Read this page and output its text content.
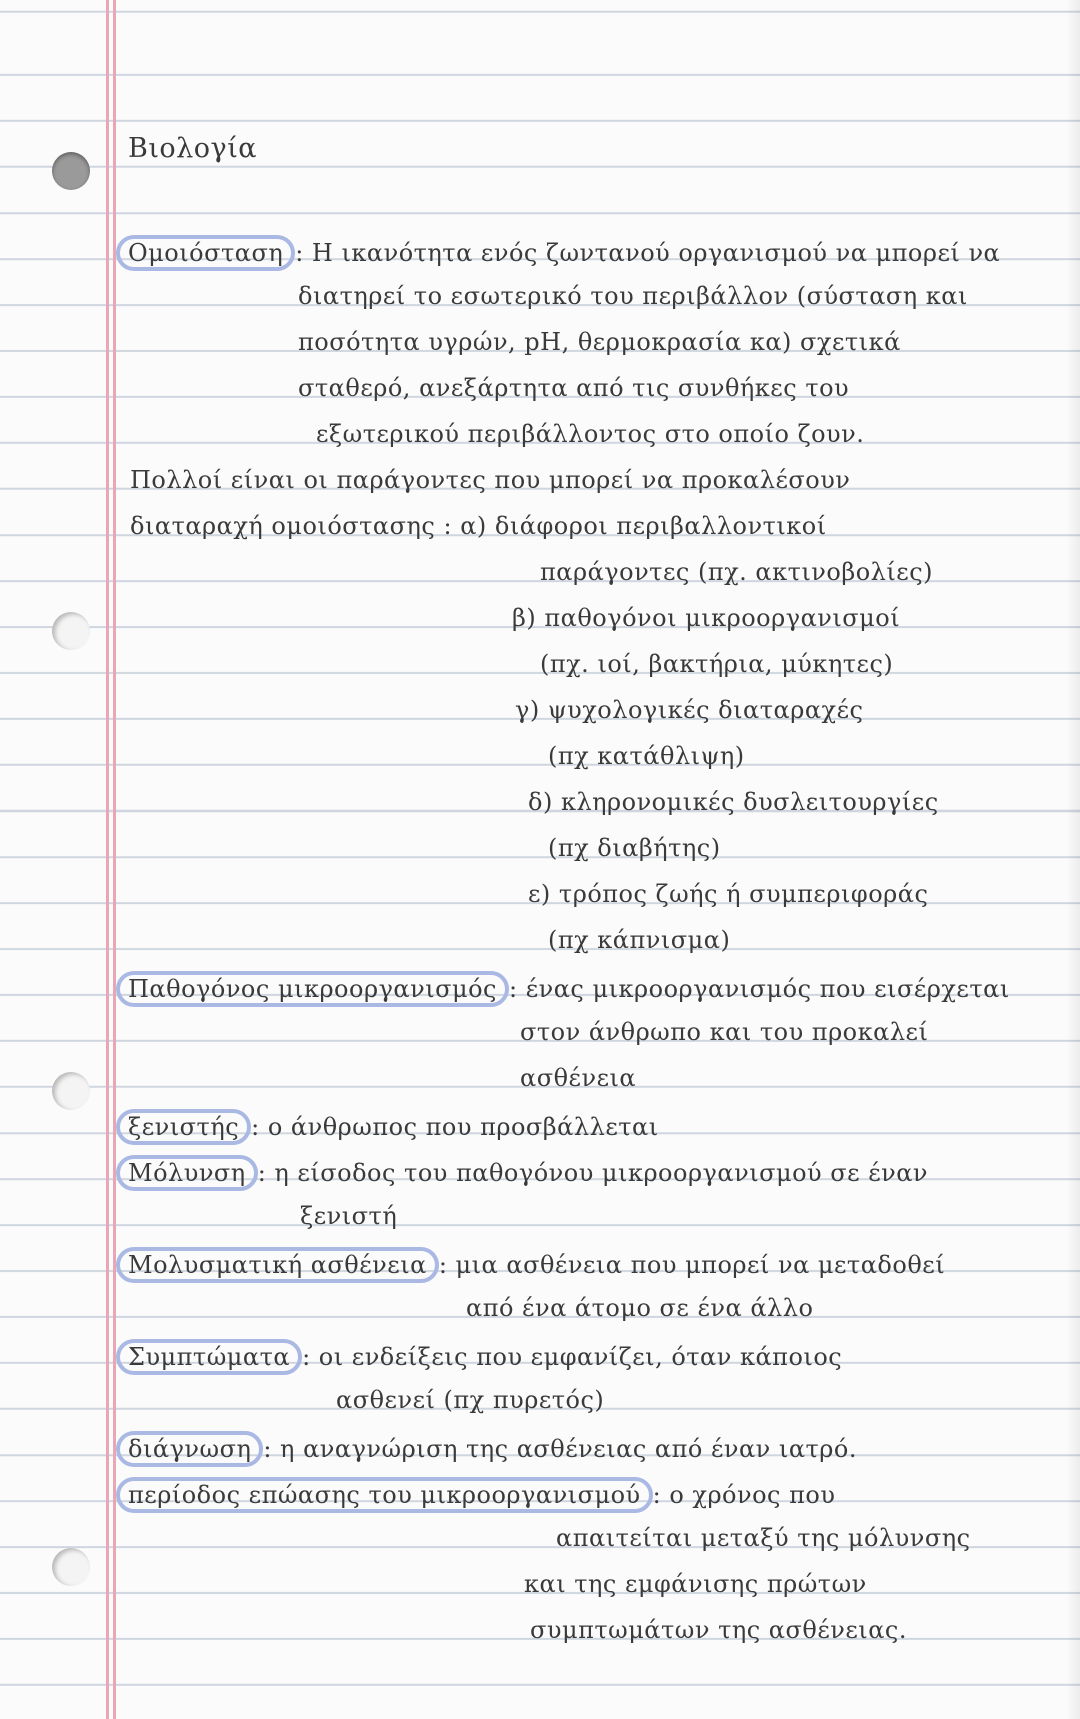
Βιολογία
Ομοιόσταση : Η ικανότητα ενός ζωντανού οργανισμού να μπορεί να
διατηρεί το εσωτερικό του περιβάλλον (σύσταση και
ποσότητα υγρών, pH, θερμοκρασία κα) σχετικά
σταθερό, ανεξάρτητα από τις συνθήκες του
εξωτερικού περιβάλλοντος στο οποίο ζουν.
Πολλοί είναι οι παράγοντες που μπορεί να προκαλέσουν
διαταραχή ομοιόστασης : α) διάφοροι περιβαλλοντικοί
παράγοντες (πχ. ακτινοβολίες)
β) παθογόνοι μικροοργανισμοί
(πχ. ιοί, βακτήρια, μύκητες)
γ) ψυχολογικές διαταραχές
(πχ κατάθλιψη)
δ) κληρονομικές δυσλειτουργίες
(πχ διαβήτης)
ε) τρόπος ζωής ή συμπεριφοράς
(πχ κάπνισμα)
Παθογόνος μικροοργανισμός : ένας μικροοργανισμός που εισέρχεται
στον άνθρωπο και του προκαλεί
ασθένεια
ξενιστής : ο άνθρωπος που προσβάλλεται
Μόλυνση : η είσοδος του παθογόνου μικροοργανισμού σε έναν
ξενιστή
Μολυσματική ασθένεια : μια ασθένεια που μπορεί να μεταδοθεί
από ένα άτομο σε ένα άλλο
Συμπτώματα : οι ενδείξεις που εμφανίζει, όταν κάποιος
ασθενεί (πχ πυρετός)
διάγνωση : η αναγνώριση της ασθένειας από έναν ιατρό.
περίοδος επώασης του μικροοργανισμού : ο χρόνος που
απαιτείται μεταξύ της μόλυνσης
και της εμφάνισης πρώτων
συμπτωμάτων της ασθένειας.
